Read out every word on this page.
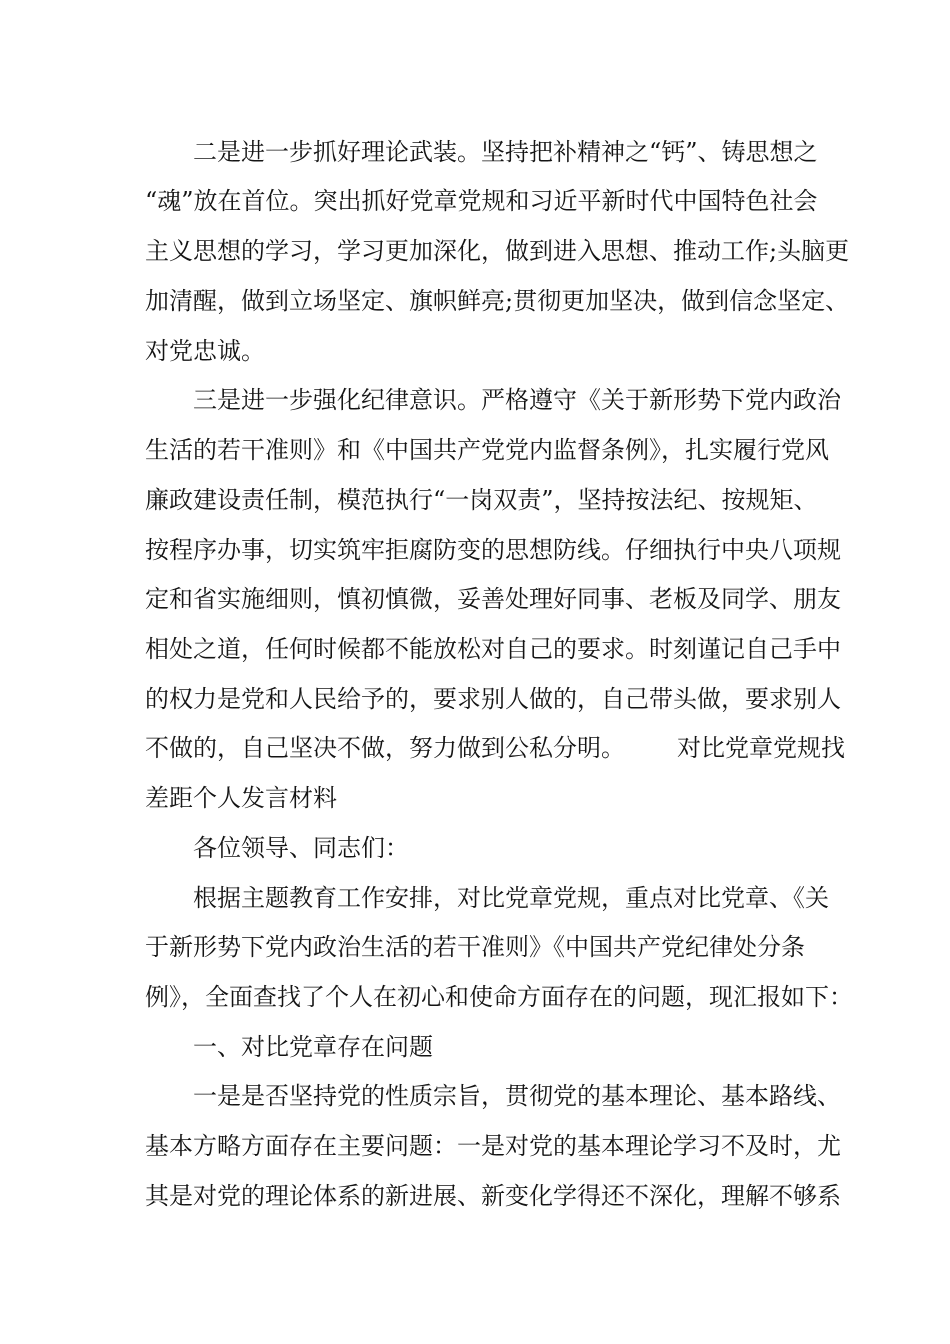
二是进一步抓好理论武装。坚持把补精神之“钙”、铸思想之
“魂”放在首位。突出抓好党章党规和习近平新时代中国特色社会
主义思想的学习，学习更加深化，做到进入思想、推动工作;头脑更
加清醒，做到立场坚定、旗帜鲜亮;贯彻更加坚决，做到信念坚定、
对党忠诚。
三是进一步强化纪律意识。严格遵守《关于新形势下党内政治
生活的若干准则》和《中国共产党党内监督条例》，扎实履行党风
廉政建设责任制，模范执行“一岗双责”，坚持按法纪、按规矩、
按程序办事，切实筑牢拒腐防变的思想防线。仔细执行中央八项规
定和省实施细则，慎初慎微，妥善处理好同事、老板及同学、朋友
相处之道，任何时候都不能放松对自己的要求。时刻谨记自己手中
的权力是党和人民给予的，要求别人做的，自己带头做，要求别人
不做的，自己坚决不做，努力做到公私分明。 对比党章党规找
差距个人发言材料
各位领导、同志们：
根据主题教育工作安排，对比党章党规，重点对比党章、《关
于新形势下党内政治生活的若干准则》《中国共产党纪律处分条
例》，全面查找了个人在初心和使命方面存在的问题，现汇报如下：
一、对比党章存在问题
一是是否坚持党的性质宗旨，贯彻党的基本理论、基本路线、
基本方略方面存在主要问题：一是对党的基本理论学习不及时，尤
其是对党的理论体系的新进展、新变化学得还不深化，理解不够系
